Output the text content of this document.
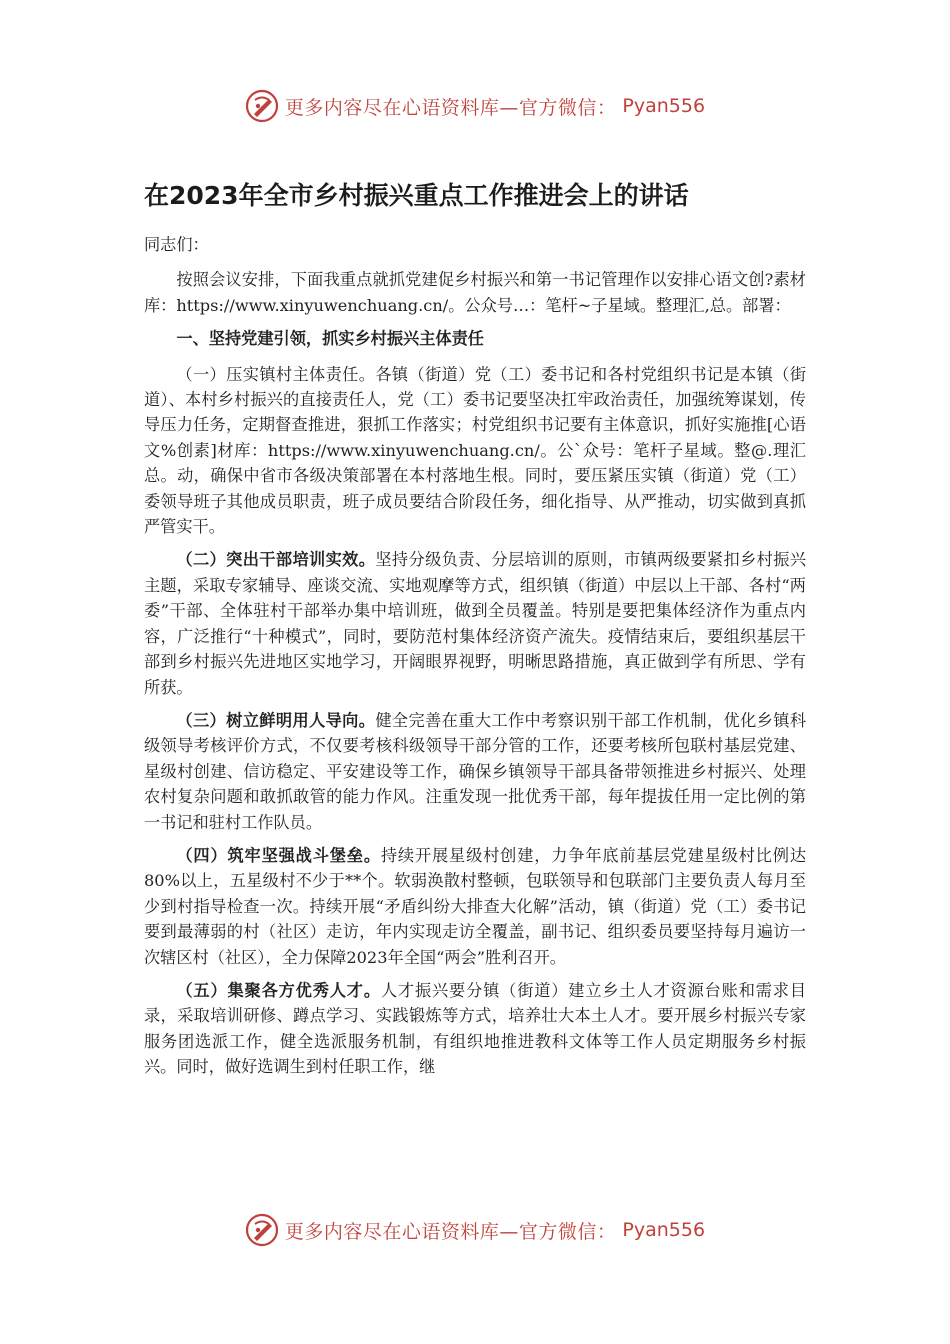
更多内容尽在心语资料库—官方微信： Pyan556
在2023年全市乡村振兴重点工作推进会上的讲话

同志们：

按照会议安排，下面我重点就抓党建促乡村振兴和第一书记管理作以安排心语文创?素材库：https://www.xinyuwenchuang.cn/。公众号…：笔杆~子星域。整理汇,总。部署：

一、坚持党建引领，抓实乡村振兴主体责任

（一）压实镇村主体责任。各镇（街道）党（工）委书记和各村党组织书记是本镇（街道）、本村乡村振兴的直接责任人，党（工）委书记要坚决扛牢政治责任，加强统筹谋划，传导压力任务，定期督查推进，狠抓工作落实；村党组织书记要有主体意识，抓好实施推[心语文%创素]材库：https://www.xinyuwenchuang.cn/。公`众号：笔杆子星域。整@.理汇总。动，确保中省市各级决策部署在本村落地生根。同时，要压紧压实镇（街道）党（工）委领导班子其他成员职责，班子成员要结合阶段任务，细化指导、从严推动，切实做到真抓严管实干。

（二）突出干部培训实效。坚持分级负责、分层培训的原则，市镇两级要紧扣乡村振兴主题，采取专家辅导、座谈交流、实地观摩等方式，组织镇（街道）中层以上干部、各村“两委”干部、全体驻村干部举办集中培训班，做到全员覆盖。特别是要把集体经济作为重点内容，广泛推行“十种模式”，同时，要防范村集体经济资产流失。疫情结束后，要组织基层干部到乡村振兴先进地区实地学习，开阔眼界视野，明晰思路措施，真正做到学有所思、学有所获。

（三）树立鲜明用人导向。健全完善在重大工作中考察识别干部工作机制，优化乡镇科级领导考核评价方式，不仅要考核科级领导干部分管的工作，还要考核所包联村基层党建、星级村创建、信访稳定、平安建设等工作，确保乡镇领导干部具备带领推进乡村振兴、处理农村复杂问题和敢抓敢管的能力作风。注重发现一批优秀干部，每年提拔任用一定比例的第一书记和驻村工作队员。

（四）筑牢坚强战斗堡垒。持续开展星级村创建，力争年底前基层党建星级村比例达80%以上，五星级村不少于**个。软弱涣散村整顿，包联领导和包联部门主要负责人每月至少到村指导检查一次。持续开展“矛盾纠纷大排查大化解”活动，镇（街道）党（工）委书记要到最薄弱的村（社区）走访，年内实现走访全覆盖，副书记、组织委员要坚持每月遍访一次辖区村（社区），全力保障2023年全国“两会”胜利召开。

（五）集聚各方优秀人才。人才振兴要分镇（街道）建立乡土人才资源台账和需求目录，采取培训研修、蹲点学习、实践锻炼等方式，培养壮大本土人才。要开展乡村振兴专家服务团选派工作，健全选派服务机制，有组织地推进教科文体等工作人员定期服务乡村振兴。同时，做好选调生到村任职工作，继

更多内容尽在心语资料库—官方微信： Pyan556
